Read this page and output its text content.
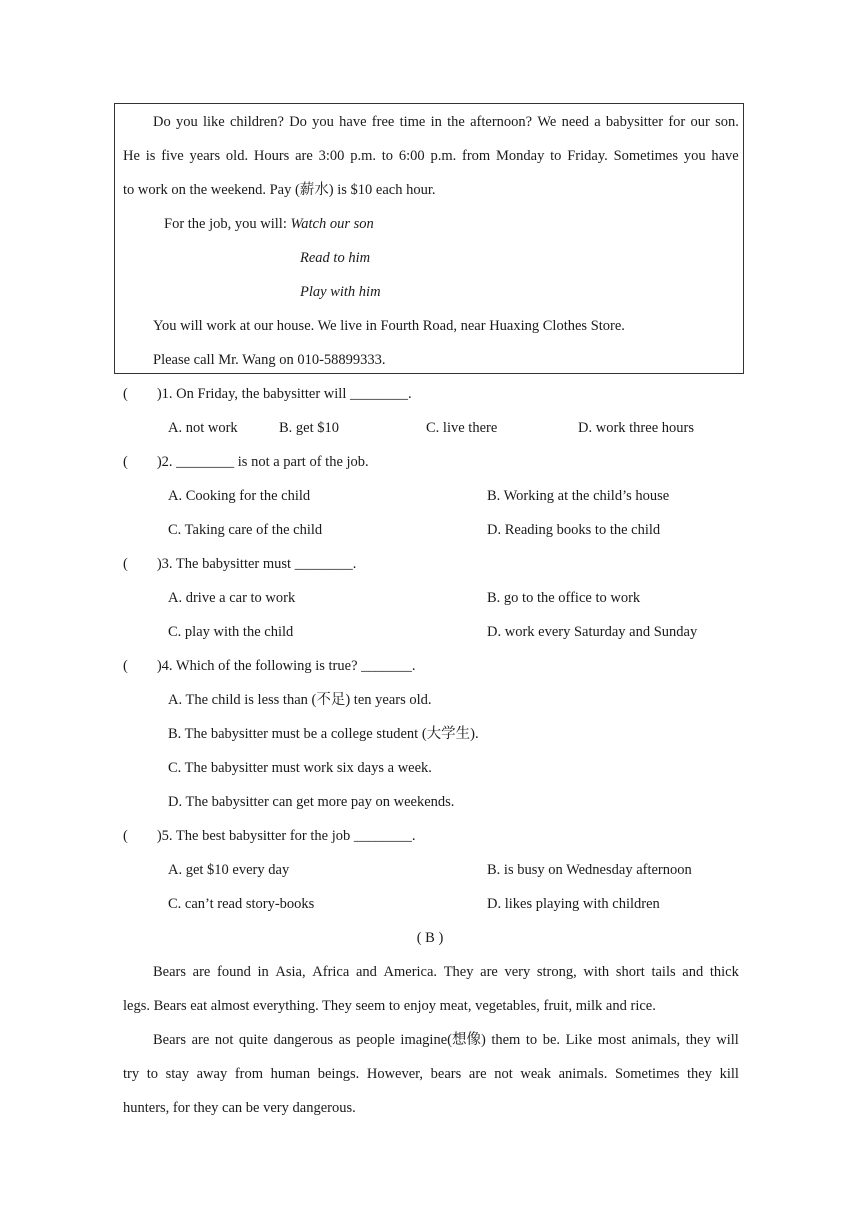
Do you like children? Do you have free time in the afternoon? We need a babysitter for our son.
He is five years old. Hours are 3:00 p.m. to 6:00 p.m. from Monday to Friday. Sometimes you have
to work on the weekend. Pay (薪水) is $10 each hour.
For the job, you will: Watch our son
Read to him
Play with him
You will work at our house. We live in Fourth Road, near Huaxing Clothes Store.
Please call Mr. Wang on 010-58899333.
(　　)1. On Friday, the babysitter will ________.
A. not work	B. get $10	C. live there	D. work three hours
(　　)2. ________ is not a part of the job.
A. Cooking for the child	B. Working at the child’s house
C. Taking care of the child	D. Reading books to the child
(　　)3. The babysitter must ________.
A. drive a car to work	B. go to the office to work
C. play with the child	D. work every Saturday and Sunday
(　　)4. Which of the following is true? _______.
A. The child is less than (不足) ten years old.
B. The babysitter must be a college student (大学生).
C. The babysitter must work six days a week.
D. The babysitter can get more pay on weekends.
(　　)5. The best babysitter for the job ________.
A. get $10 every day	B. is busy on Wednesday afternoon
C. can’t read story-books	D. likes playing with children
( B )
Bears are found in Asia, Africa and America. They are very strong, with short tails and thick
legs. Bears eat almost everything. They seem to enjoy meat, vegetables, fruit, milk and rice.
Bears are not quite dangerous as people imagine(想像) them to be. Like most animals, they will
try to stay away from human beings. However, bears are not weak animals. Sometimes they kill
hunters, for they can be very dangerous.
